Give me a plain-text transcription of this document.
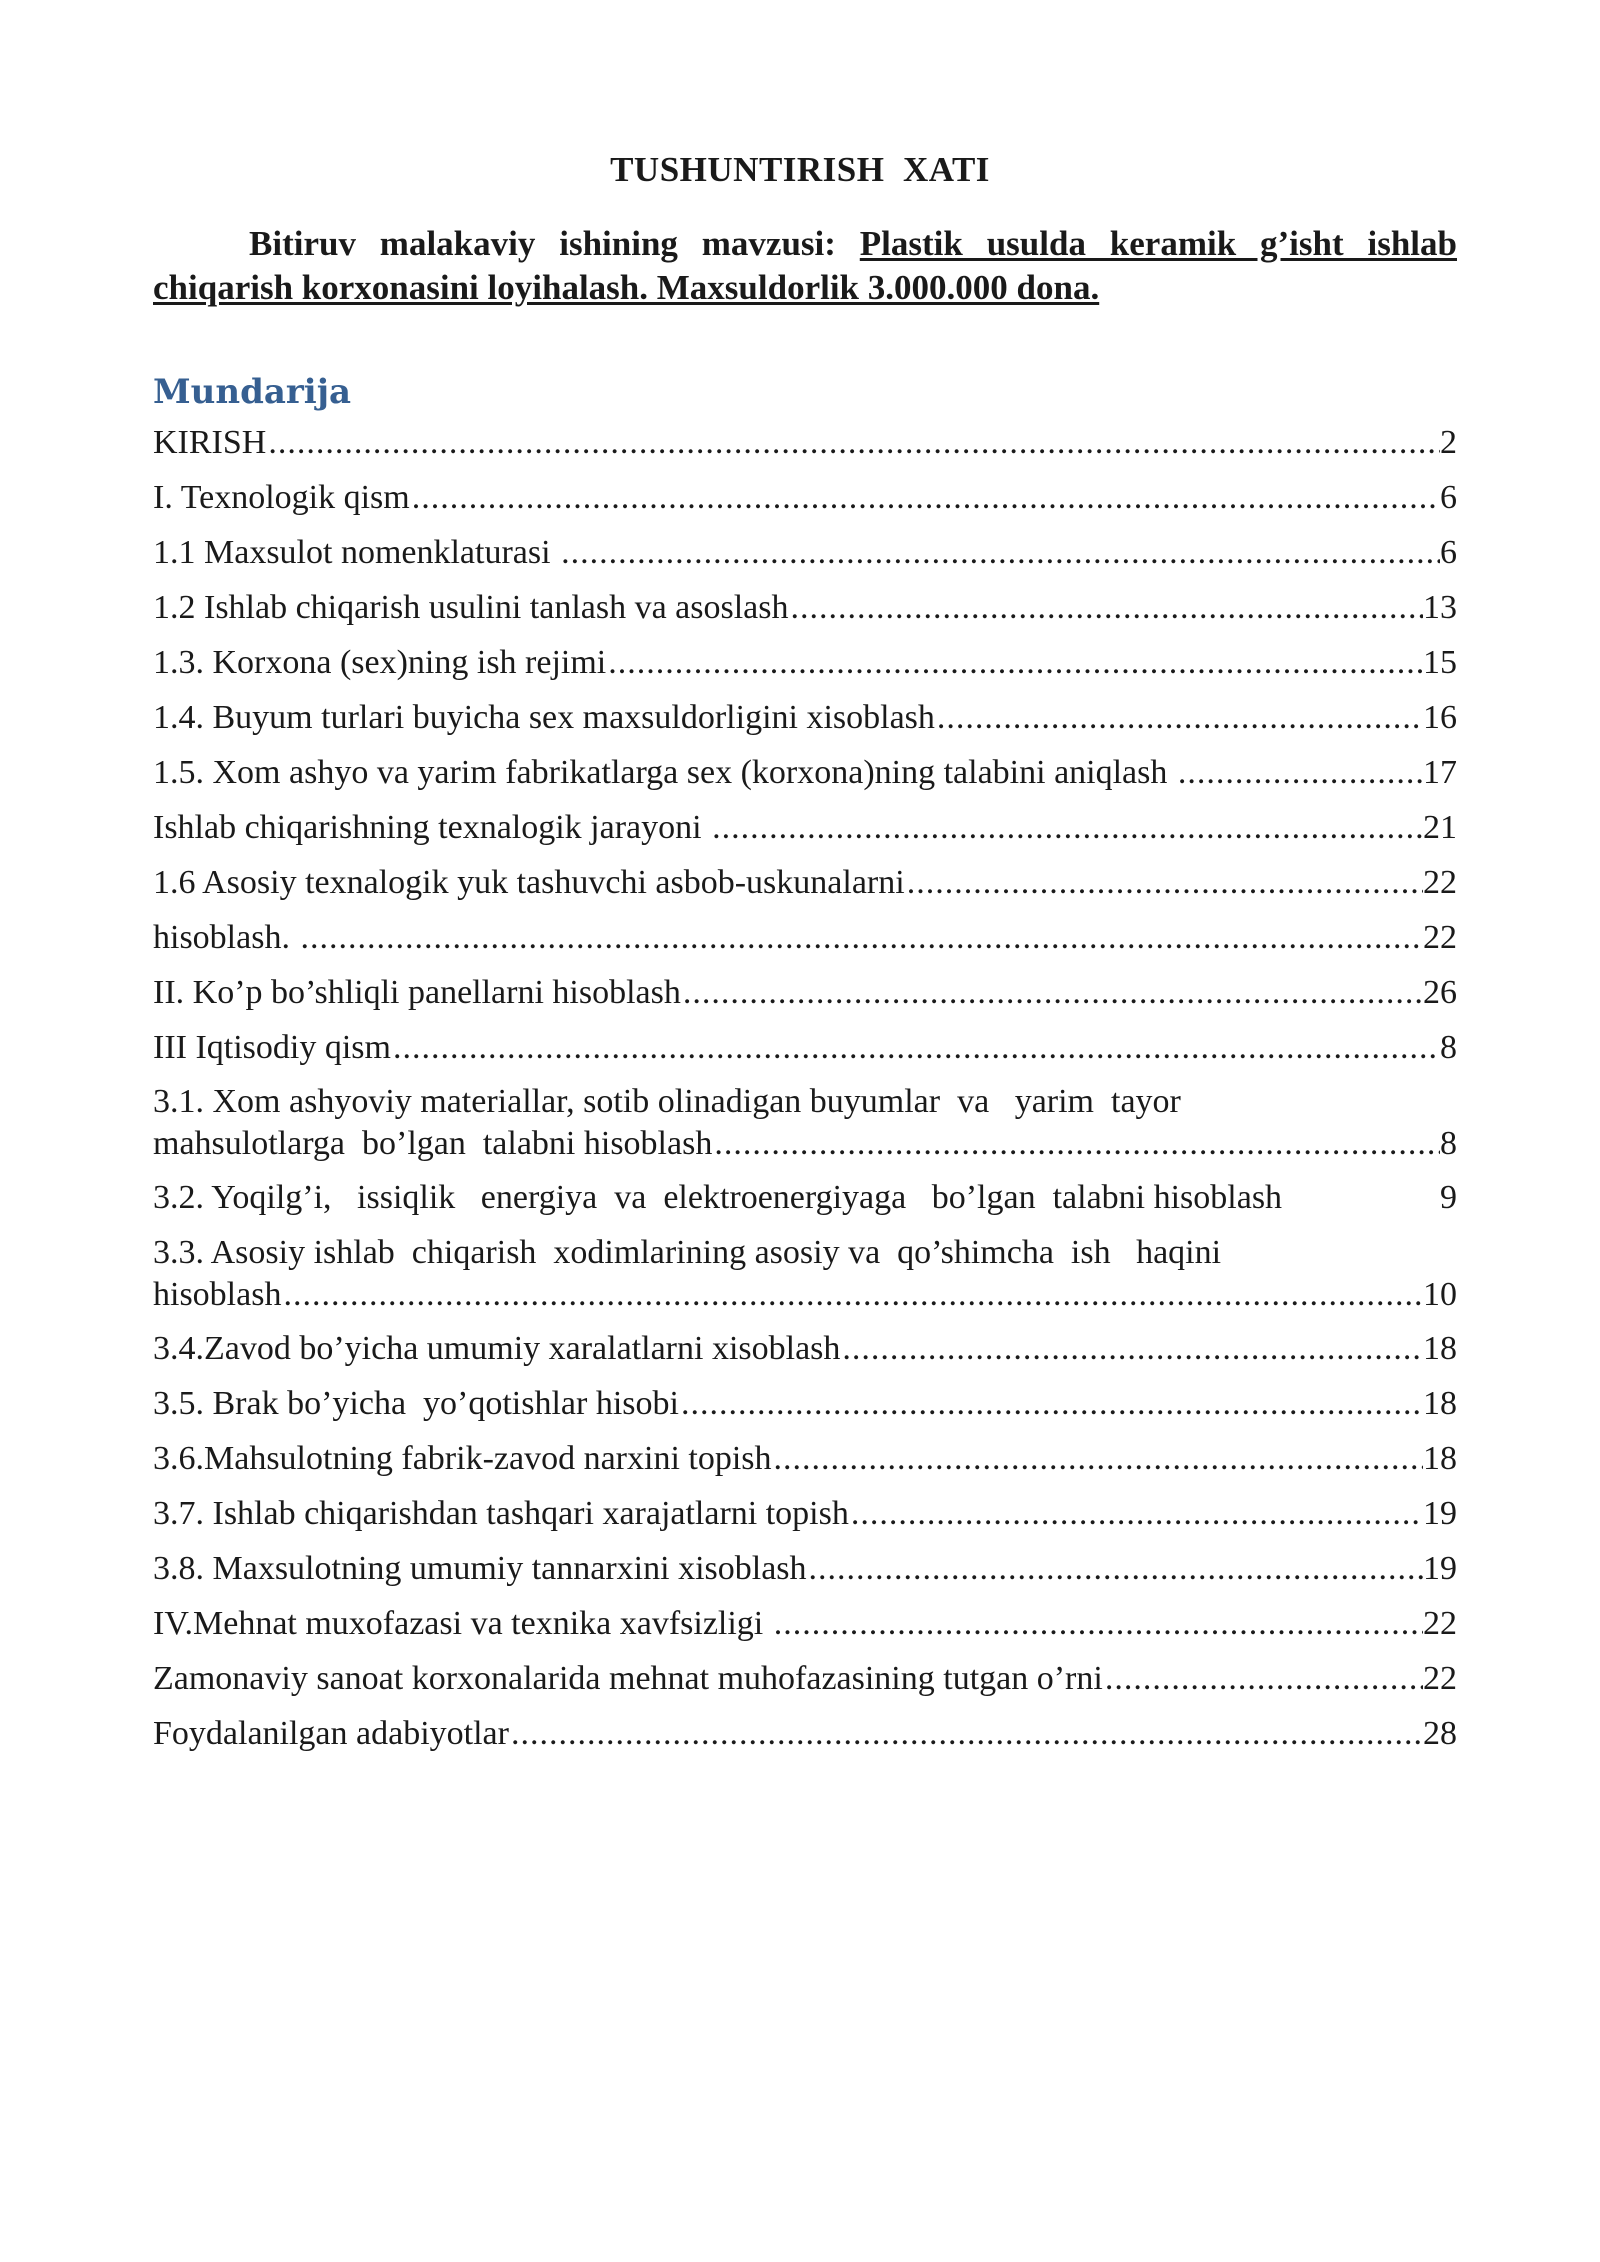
TUSHUNTIRISH  XATI
Bitiruv malakaviy ishining mavzusi: Plastik usulda keramik g’isht ishlab chiqarish korxonasini loyihalash. Maxsuldorlik 3.000.000 dona.
Mundarija
KIRISH .....	2
I. Texnologik qism .....	6
1.1 Maxsulot nomenklaturasi .....	6
1.2 Ishlab chiqarish usulini tanlash va asoslash .....	13
1.3. Korxona (sex)ning ish rejimi .....	15
1.4. Buyum turlari buyicha sex maxsuldorligini xisoblash .....	16
1.5. Xom ashyo va yarim fabrikatlarga sex (korxona)ning talabini aniqlash .....	17
Ishlab chiqarishning texnalogik jarayoni .....	21
1.6 Asosiy texnalogik yuk tashuvchi asbob-uskunalarni .....	22
hisoblash. .....	22
II. Ko’p bo’shliqli panellarni hisoblash .....	26
III Iqtisodiy qism .....	8
3.1. Xom ashyoviy materiallar, sotib olinadigan buyumlar  va   yarim  tayor
mahsulotlarga  bo’lgan  talabni hisoblash .....	8
3.2. Yoqilg’i,   issiqlik   energiya  va  elektroenergiyaga   bo’lgan  talabni hisoblash	9
3.3. Asosiy ishlab  chiqarish  xodimlarining asosiy va  qo’shimcha  ish   haqini
hisoblash .....	10
3.4.Zavod bo’yicha umumiy xaralatlarni xisoblash .....	18
3.5. Brak bo’yicha  yo’qotishlar hisobi .....	18
3.6.Mahsulotning fabrik-zavod narxini topish .....	18
3.7. Ishlab chiqarishdan tashqari xarajatlarni topish .....	19
3.8. Maxsulotning umumiy tannarxini xisoblash .....	19
IV.Mehnat muxofazasi va texnika xavfsizligi .....	22
Zamonaviy sanoat korxonalarida mehnat muhofazasining tutgan o’rni .....	22
Foydalanilgan adabiyotlar .....	28
